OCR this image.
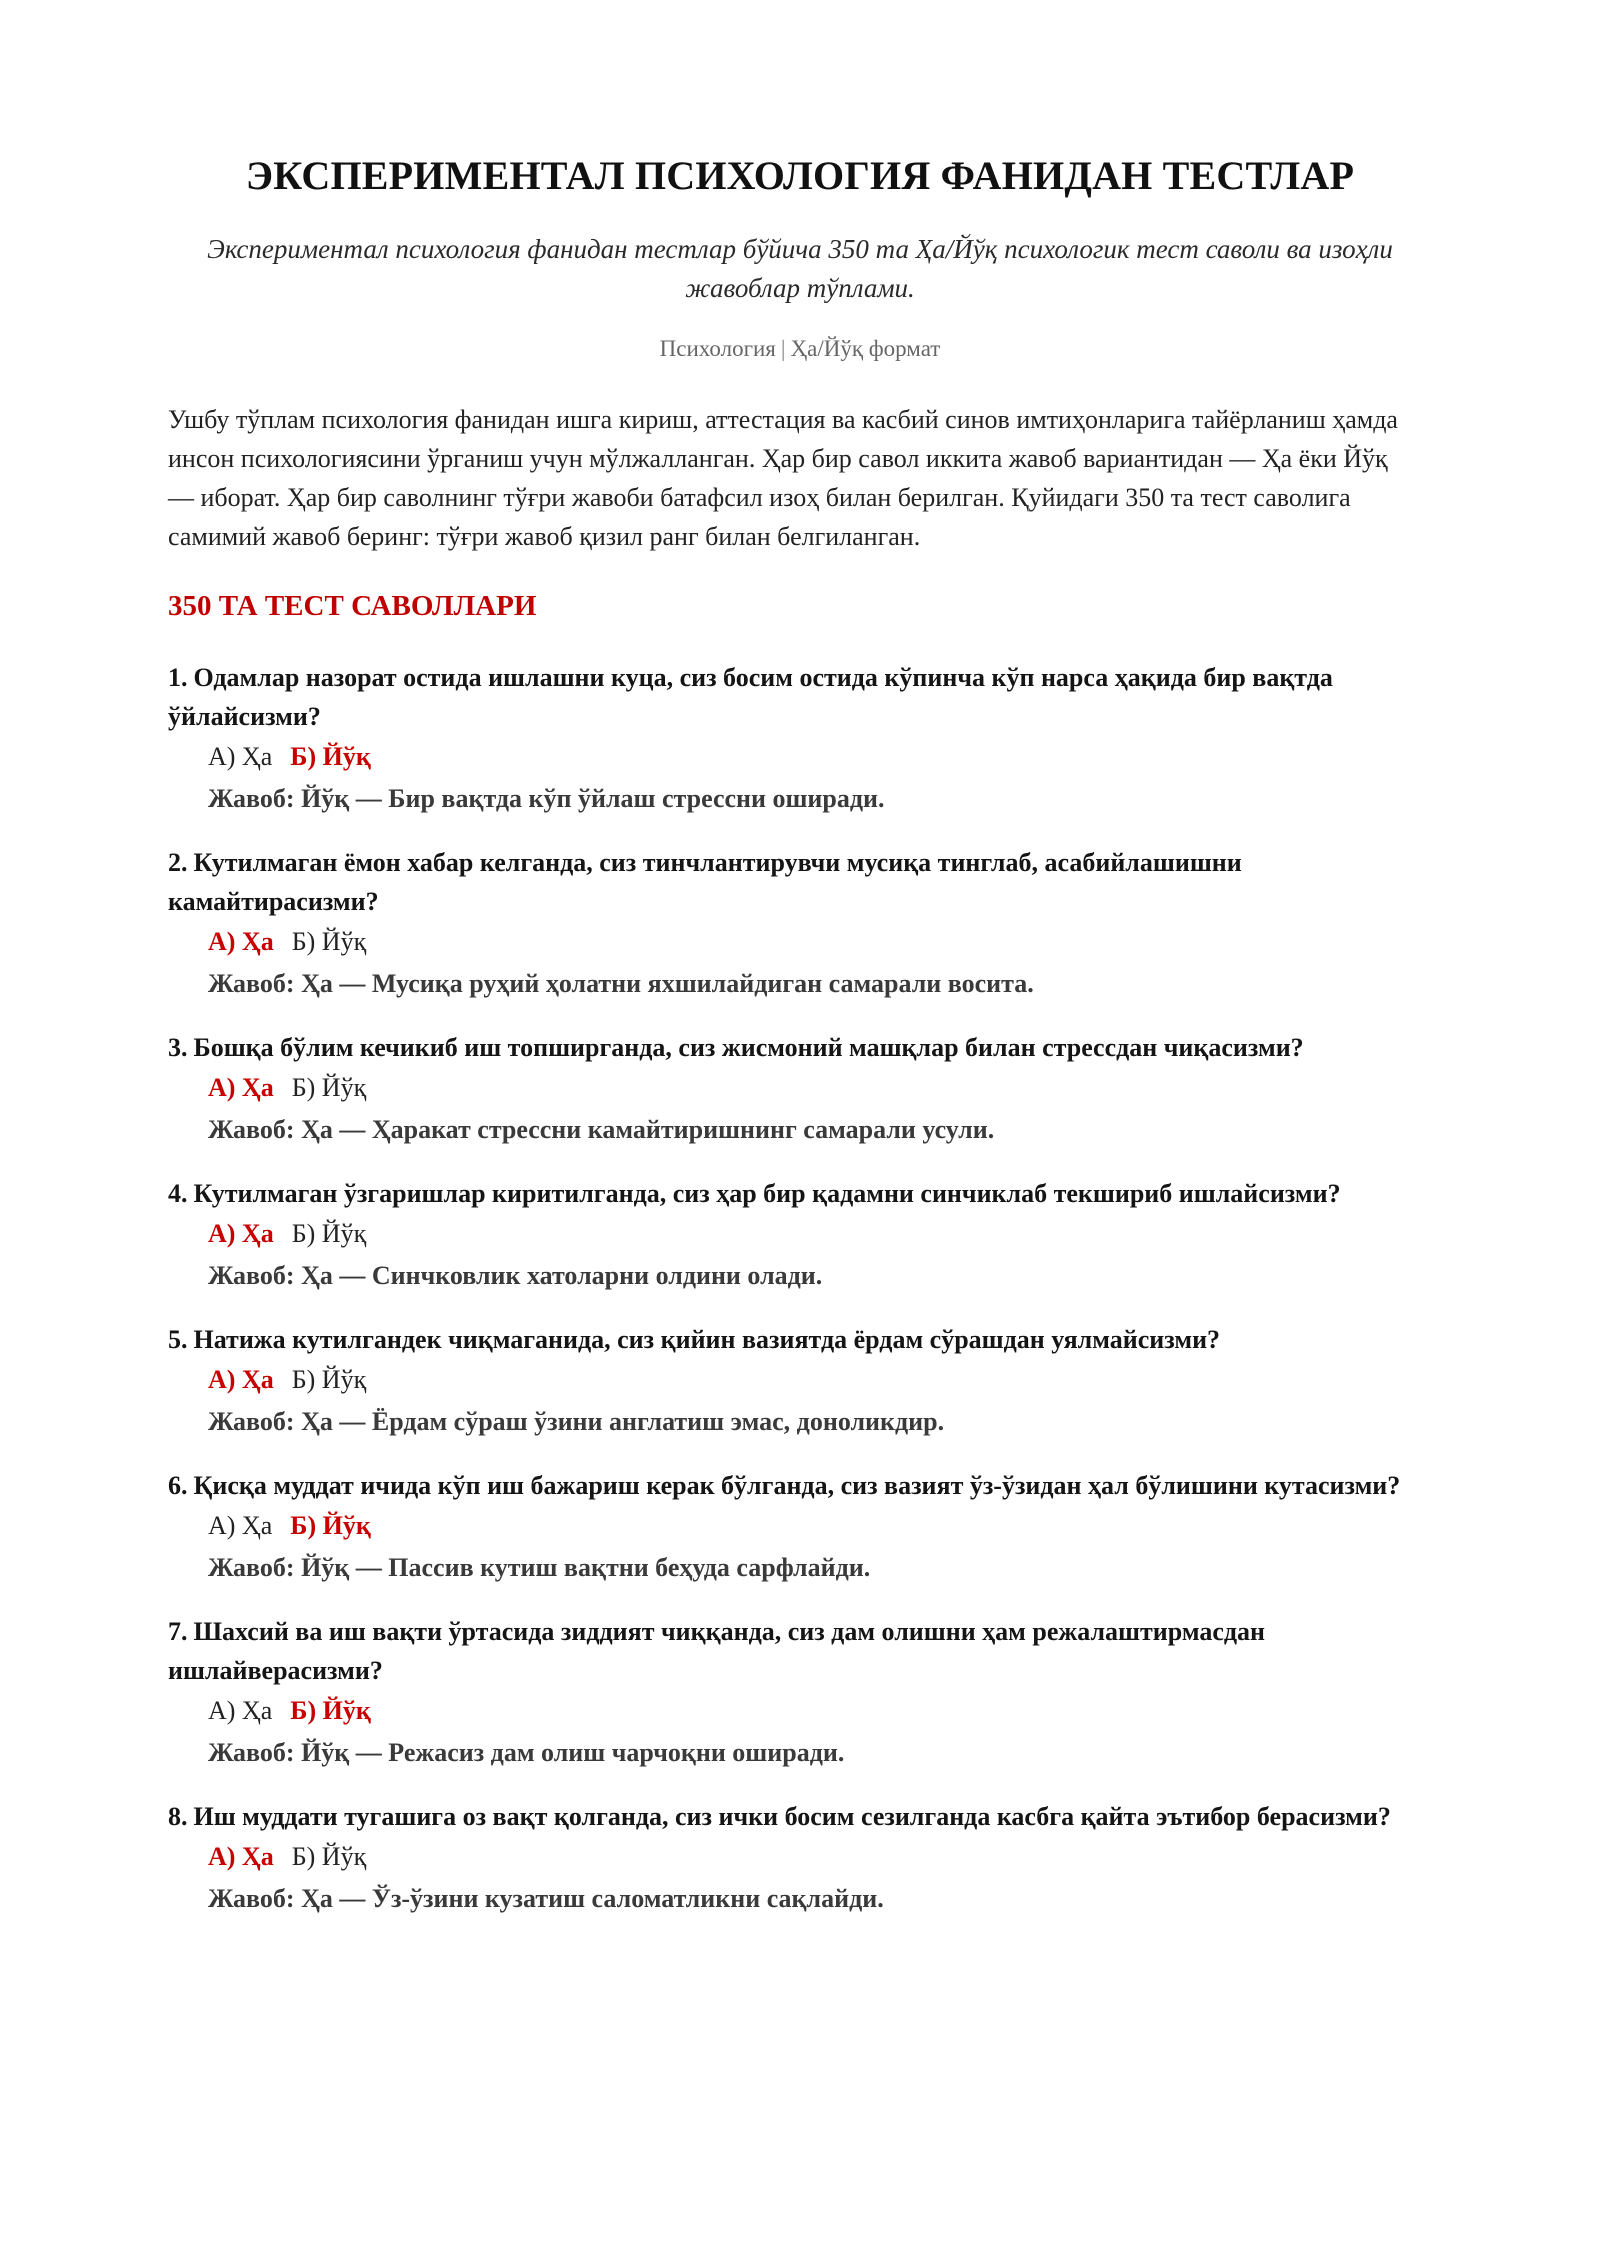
ЭКСПЕРИМЕНТАЛ ПСИХОЛОГИЯ ФАНИДАН ТЕСТЛАР
Экспериментал психология фанидан тестлар бўйича 350 та Ҳа/Йўқ психологик тест саволи ва изоҳли жавоблар тўплами.
Психология | Ҳа/Йўқ формат
Ушбу тўплам психология фанидан ишга кириш, аттестация ва касбий синов имтиҳонларига тайёрланиш ҳамда инсон психологиясини ўрганиш учун мўлжалланган. Ҳар бир савол иккита жавоб вариантидан — Ҳа ёки Йўқ — иборат. Ҳар бир саволнинг тўғри жавоби батафсил изоҳ билан берилган. Қуйидаги 350 та тест саволига самимий жавоб беринг: тўғри жавоб қизил ранг билан белгиланган.
350 ТА ТЕСТ САВОЛЛАРИ
1. Одамлар назорат остида ишлашни куца, сиз босим остида кўпинча кўп нарса ҳақида бир вақтда ўйлайсизми?
А) Ҳа Б) Йўқ
Жавоб: Йўқ — Бир вақтда кўп ўйлаш стрессни оширади.
2. Кутилмаган ёмон хабар келганда, сиз тинчлантирувчи мусиқа тинглаб, асабийлашишни камайтирасизми?
А) Ҳа Б) Йўқ
Жавоб: Ҳа — Мусиқа руҳий ҳолатни яхшилайдиган самарали восита.
3. Бошқа бўлим кечикиб иш топширганда, сиз жисмоний машқлар билан стрессдан чиқасизми?
А) Ҳа Б) Йўқ
Жавоб: Ҳа — Ҳаракат стрессни камайтиришнинг самарали усули.
4. Кутилмаган ўзгаришлар киритилганда, сиз ҳар бир қадамни синчиклаб текшириб ишлайсизми?
А) Ҳа Б) Йўқ
Жавоб: Ҳа — Синчковлик хатоларни олдини олади.
5. Натижа кутилгандек чиқмаганида, сиз қийин вазиятда ёрдам сўрашдан уялмайсизми?
А) Ҳа Б) Йўқ
Жавоб: Ҳа — Ёрдам сўраш ўзини англатиш эмас, доноликдир.
6. Қисқа муддат ичида кўп иш бажариш керак бўлганда, сиз вазият ўз-ўзидан ҳал бўлишини кутасизми?
А) Ҳа Б) Йўқ
Жавоб: Йўқ — Пассив кутиш вақтни беҳуда сарфлайди.
7. Шахсий ва иш вақти ўртасида зиддият чиққанда, сиз дам олишни ҳам режалаштирмасдан ишлайверасизми?
А) Ҳа Б) Йўқ
Жавоб: Йўқ — Режасиз дам олиш чарчоқни оширади.
8. Иш муддати тугашига оз вақт қолганда, сиз ички босим сезилганда касбга қайта эътибор берасизми?
А) Ҳа Б) Йўқ
Жавоб: Ҳа — Ўз-ўзини кузатиш саломатликни сақлайди.
